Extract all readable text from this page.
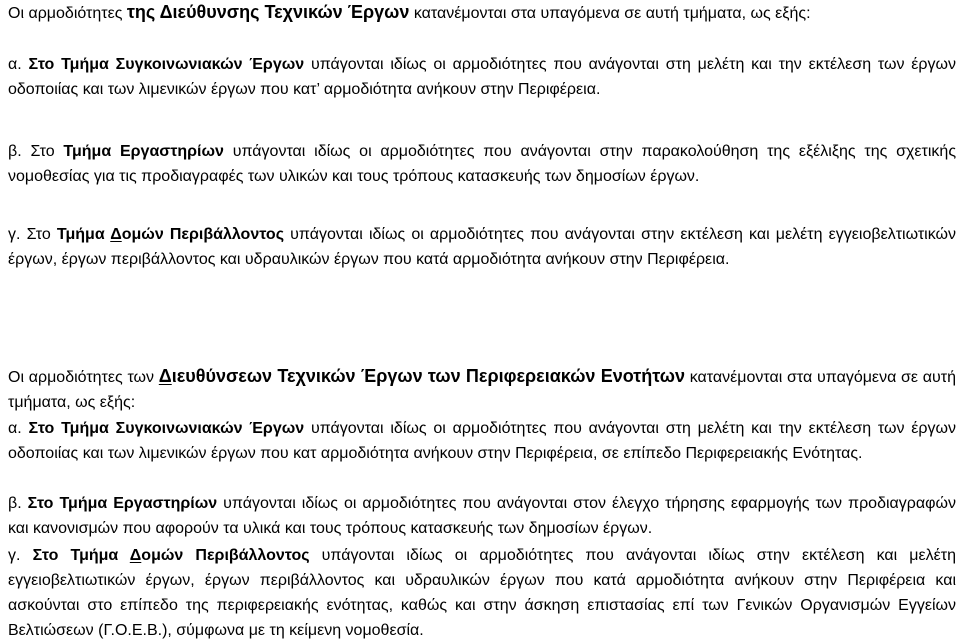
Οι αρμοδιότητες της Διεύθυνσης Τεχνικών Έργων κατανέμονται στα υπαγόμενα σε αυτή τμήματα, ως εξής:

α. Στο Τμήμα Συγκοινωνιακών Έργων υπάγονται ιδίως οι αρμοδιότητες που ανάγονται στη μελέτη και την εκτέλεση των έργων οδοποιίας και των λιμενικών έργων που κατ’ αρμοδιότητα ανήκουν στην Περιφέρεια.

β. Στο Τμήμα Εργαστηρίων υπάγονται ιδίως οι αρμοδιότητες που ανάγονται στην παρακολούθηση της εξέλιξης της σχετικής νομοθεσίας για τις προδιαγραφές των υλικών και τους τρόπους κατασκευής των δημοσίων έργων.

γ. Στο Τμήμα Δομών Περιβάλλοντος υπάγονται ιδίως οι αρμοδιότητες που ανάγονται στην εκτέλεση και μελέτη εγγειοβελτιωτικών έργων, έργων περιβάλλοντος και υδραυλικών έργων που κατά αρμοδιότητα ανήκουν στην Περιφέρεια.

Οι αρμοδιότητες των Διευθύνσεων Τεχνικών Έργων των Περιφερειακών Ενοτήτων κατανέμονται στα υπαγόμενα σε αυτή τμήματα, ως εξής:

α. Στο Τμήμα Συγκοινωνιακών Έργων υπάγονται ιδίως οι αρμοδιότητες που ανάγονται στη μελέτη και την εκτέλεση των έργων οδοποιίας και των λιμενικών έργων που κατ αρμοδιότητα ανήκουν στην Περιφέρεια, σε επίπεδο Περιφερειακής Ενότητας.

β. Στο Τμήμα Εργαστηρίων υπάγονται ιδίως οι αρμοδιότητες που ανάγονται στον έλεγχο τήρησης εφαρμογής των προδιαγραφών και κανονισμών που αφορούν τα υλικά και τους τρόπους κατασκευής των δημοσίων έργων.

γ. Στο Τμήμα Δομών Περιβάλλοντος υπάγονται ιδίως οι αρμοδιότητες που ανάγονται ιδίως στην εκτέλεση και μελέτη εγγειοβελτιωτικών έργων, έργων περιβάλλοντος και υδραυλικών έργων που κατά αρμοδιότητα ανήκουν στην Περιφέρεια και ασκούνται στο επίπεδο της περιφερειακής ενότητας, καθώς και στην άσκηση επιστασίας επί των Γενικών Οργανισμών Εγγείων Βελτιώσεων (Γ.Ο.Ε.Β.), σύμφωνα με τη κείμενη νομοθεσία.
